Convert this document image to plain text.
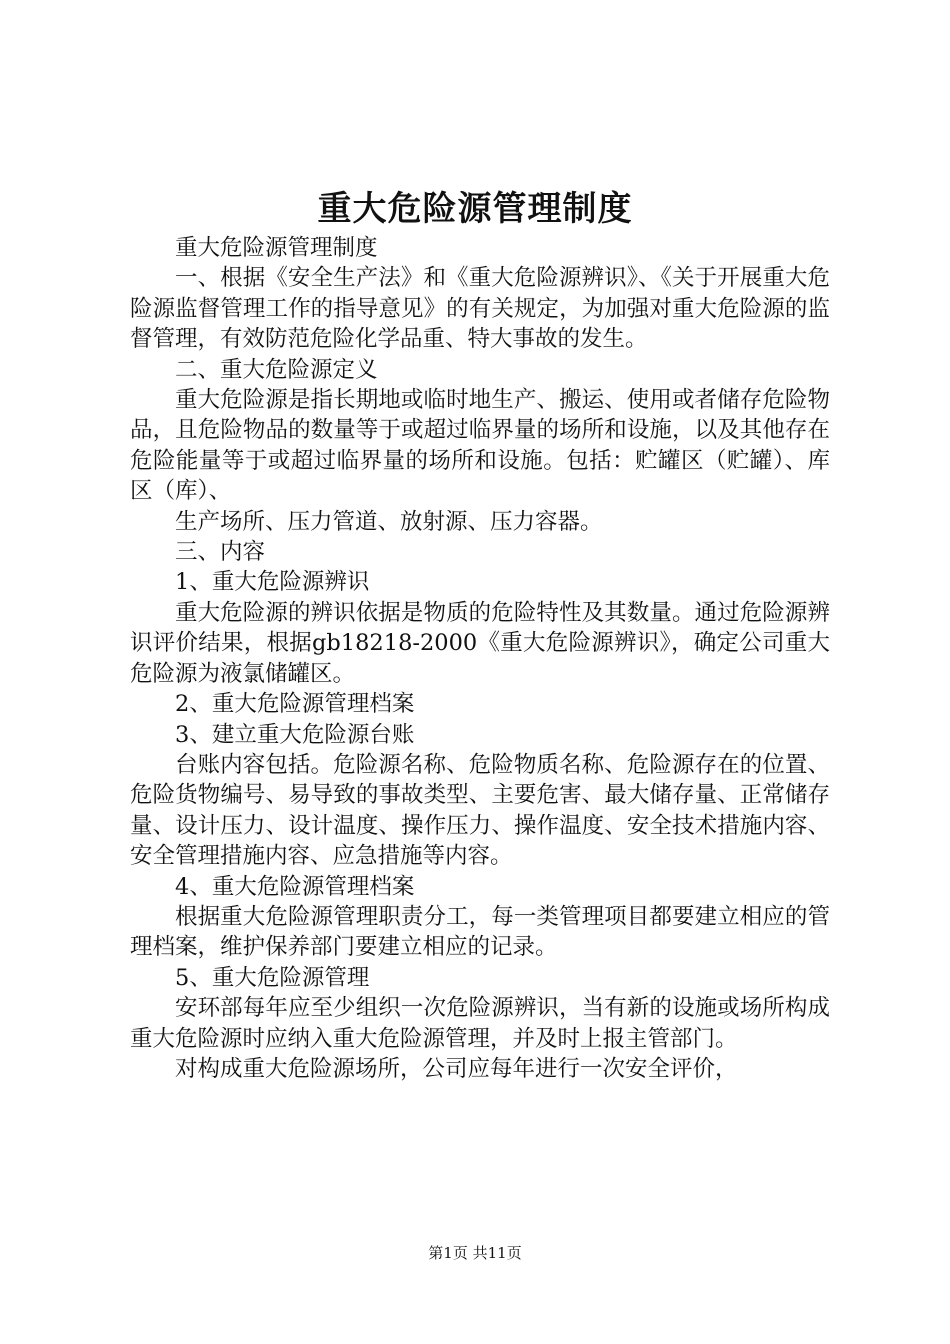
重大危险源管理制度

重大危险源管理制度

一、根据《安全生产法》和《重大危险源辨识》、《关于开展重大危险源监督管理工作的指导意见》的有关规定，为加强对重大危险源的监督管理，有效防范危险化学品重、特大事故的发生。

二、重大危险源定义

重大危险源是指长期地或临时地生产、搬运、使用或者储存危险物品，且危险物品的数量等于或超过临界量的场所和设施，以及其他存在危险能量等于或超过临界量的场所和设施。包括：贮罐区（贮罐）、库区（库）、

生产场所、压力管道、放射源、压力容器。

三、内容

1、重大危险源辨识

重大危险源的辨识依据是物质的危险特性及其数量。通过危险源辨识评价结果，根据gb18218-2000《重大危险源辨识》，确定公司重大危险源为液氯储罐区。

2、重大危险源管理档案

3、建立重大危险源台账

台账内容包括。危险源名称、危险物质名称、危险源存在的位置、危险货物编号、易导致的事故类型、主要危害、最大储存量、正常储存量、设计压力、设计温度、操作压力、操作温度、安全技术措施内容、安全管理措施内容、应急措施等内容。

4、重大危险源管理档案

根据重大危险源管理职责分工，每一类管理项目都要建立相应的管理档案，维护保养部门要建立相应的记录。

5、重大危险源管理

安环部每年应至少组织一次危险源辨识，当有新的设施或场所构成重大危险源时应纳入重大危险源管理，并及时上报主管部门。

对构成重大危险源场所，公司应每年进行一次安全评价，

第1页 共11页
